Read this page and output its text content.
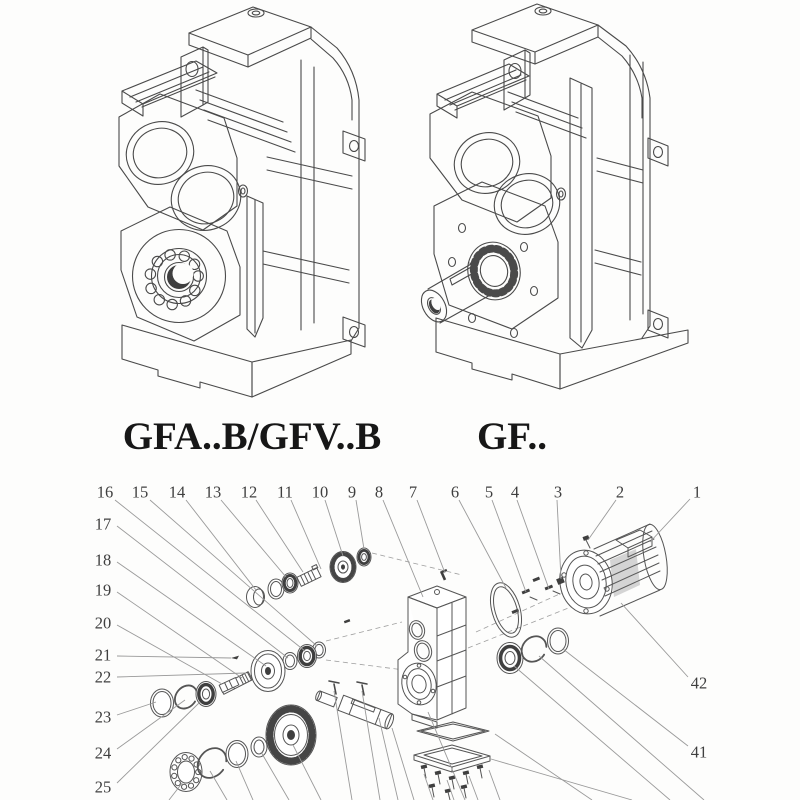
GFA..B/GFV..B GF..
1
2
3
4
5
6
7
8
9
10
11
12
13
14
15
16
17
18
19
20
21
22
23
24
25
41
42
